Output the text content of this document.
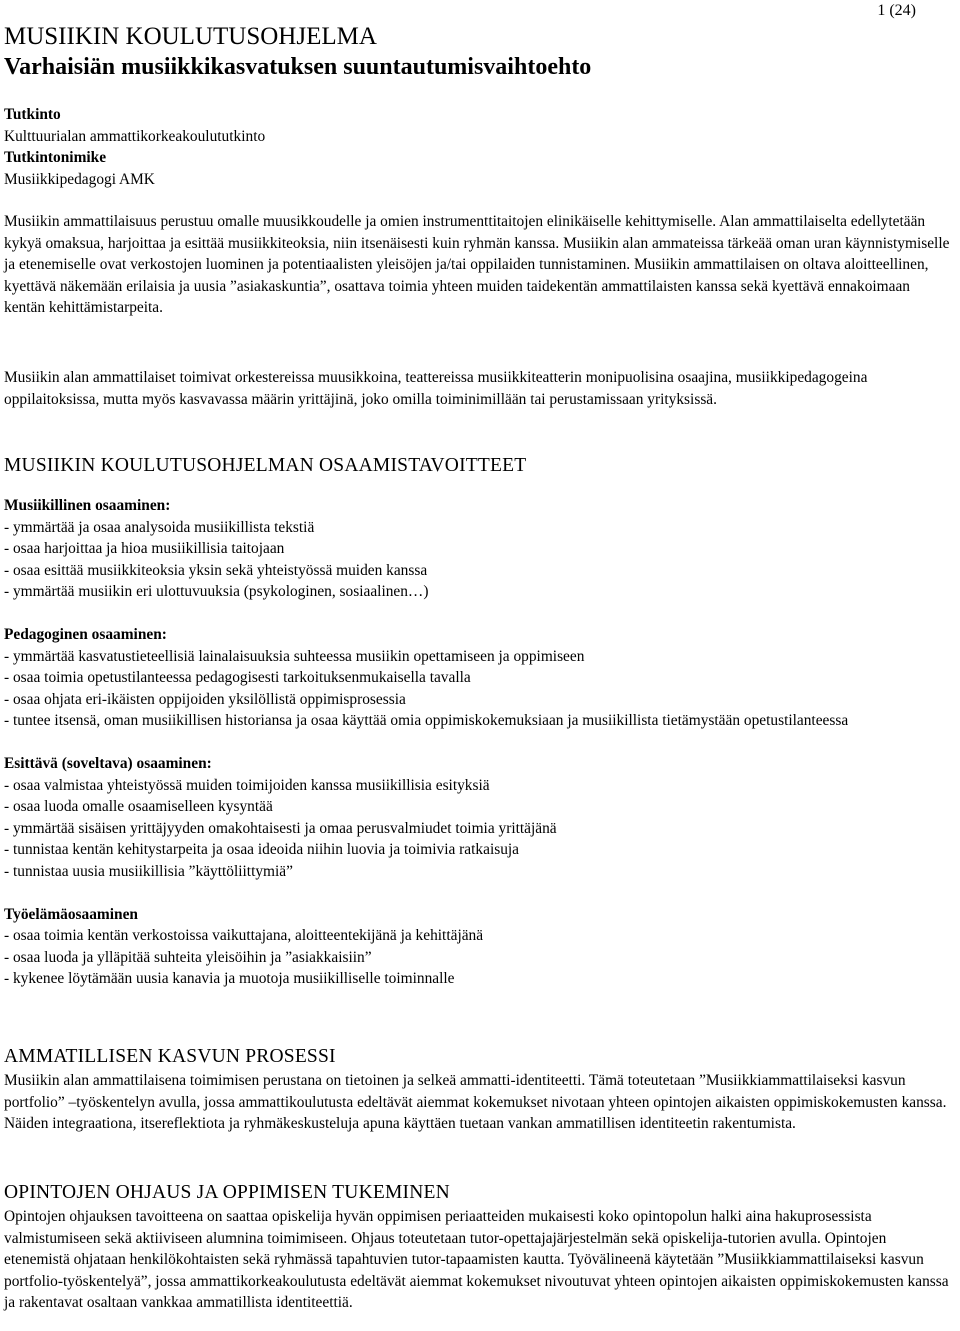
1 (24)
MUSIIKIN KOULUTUSOHJELMA
Varhaisiän musiikkikasvatuksen suuntautumisvaihtoehto
Tutkinto
Kulttuurialan ammattikorkeakoulututkinto
Tutkintonimike
Musiikkipedagogi AMK

Musiikin ammattilaisuus perustuu omalle muusikkoudelle ja omien instrumenttitaitojen elinikäiselle kehittymiselle. Alan ammattilaiselta edellytetään kykyä omaksua, harjoittaa ja esittää musiikkiteoksia, niin itsenäisesti kuin ryhmän kanssa. Musiikin alan ammateissa tärkeää oman uran käynnistymiselle ja etenemiselle ovat verkostojen luominen ja potentiaalisten yleisöjen ja/tai oppilaiden tunnistaminen. Musiikin ammattilaisen on oltava aloitteellinen, kyettävä näkemään erilaisia ja uusia ”asiakaskuntia”, osattava toimia yhteen muiden taidekentän ammattilaisten kanssa sekä kyettävä ennakoimaan kentän kehittämistarpeita.

Musiikin alan ammattilaiset toimivat orkestereissa muusikkoina, teattereissa musiikkiteatterin monipuolisina osaajina, musiikkipedagogeina oppilaitoksissa, mutta myös kasvavassa määrin yrittäjinä, joko omilla toiminimillään tai perustamissaan yrityksissä.

MUSIIKIN KOULUTUSOHJELMAN OSAAMISTAVOITTEET
Musiikillinen osaaminen:
- ymmärtää ja osaa analysoida musiikillista tekstiä
- osaa harjoittaa ja hioa musiikillisia taitojaan
- osaa esittää musiikkiteoksia yksin sekä yhteistyössä muiden kanssa
- ymmärtää musiikin eri ulottuvuuksia (psykologinen, sosiaalinen…)
Pedagoginen osaaminen:
- ymmärtää kasvatustieteellisiä lainalaisuuksia suhteessa musiikin opettamiseen ja oppimiseen
- osaa toimia opetustilanteessa pedagogisesti tarkoituksenmukaisella tavalla
- osaa ohjata eri-ikäisten oppijoiden yksilöllistä oppimisprosessia
- tuntee itsensä, oman musiikillisen historiansa ja osaa käyttää omia oppimiskokemuksiaan ja musiikillista tietämystään opetustilanteessa
Esittävä (soveltava) osaaminen:
- osaa valmistaa yhteistyössä muiden toimijoiden kanssa musiikillisia esityksiä
- osaa luoda omalle osaamiselleen kysyntää
- ymmärtää sisäisen yrittäjyyden omakohtaisesti ja omaa perusvalmiudet toimia yrittäjänä
- tunnistaa kentän kehitystarpeita ja osaa ideoida niihin luovia ja toimivia ratkaisuja
- tunnistaa uusia musiikillisia ”käyttöliittymiä”
Työelämäosaaminen
- osaa toimia kentän verkostoissa vaikuttajana, aloitteentekijänä ja kehittäjänä
- osaa luoda ja ylläpitää suhteita yleisöihin ja ”asiakkaisiin”
- kykenee löytämään uusia kanavia ja muotoja musiikilliselle toiminnalle
AMMATILLISEN KASVUN PROSESSI

Musiikin alan ammattilaisena toimimisen perustana on tietoinen ja selkeä ammatti-identiteetti. Tämä toteutetaan ”Musiikkiammattilaiseksi kasvun portfolio” –työskentelyn avulla, jossa ammattikoulutusta edeltävät aiemmat kokemukset nivotaan yhteen opintojen aikaisten oppimiskokemusten kanssa. Näiden integraationa, itsereflektiota ja ryhmäkeskusteluja apuna käyttäen tuetaan vankan ammatillisen identiteetin rakentumista.

OPINTOJEN OHJAUS JA OPPIMISEN TUKEMINEN

Opintojen ohjauksen tavoitteena on saattaa opiskelija hyvän oppimisen periaatteiden mukaisesti koko opintopolun halki aina hakuprosessista valmistumiseen sekä aktiiviseen alumnina toimimiseen. Ohjaus toteutetaan tutor-opettajajärjestelmän sekä opiskelija-tutorien avulla. Opintojen etenemistä ohjataan henkilökohtaisten sekä ryhmässä tapahtuvien tutor-tapaamisten kautta. Työvälineenä käytetään ”Musiikkiammattilaiseksi kasvun portfolio-työskentelyä”, jossa ammattikorkeakoulutusta edeltävät aiemmat kokemukset nivoutuvat yhteen opintojen aikaisten oppimiskokemusten kanssa ja rakentavat osaltaan vankkaa ammatillista identiteettiä.
